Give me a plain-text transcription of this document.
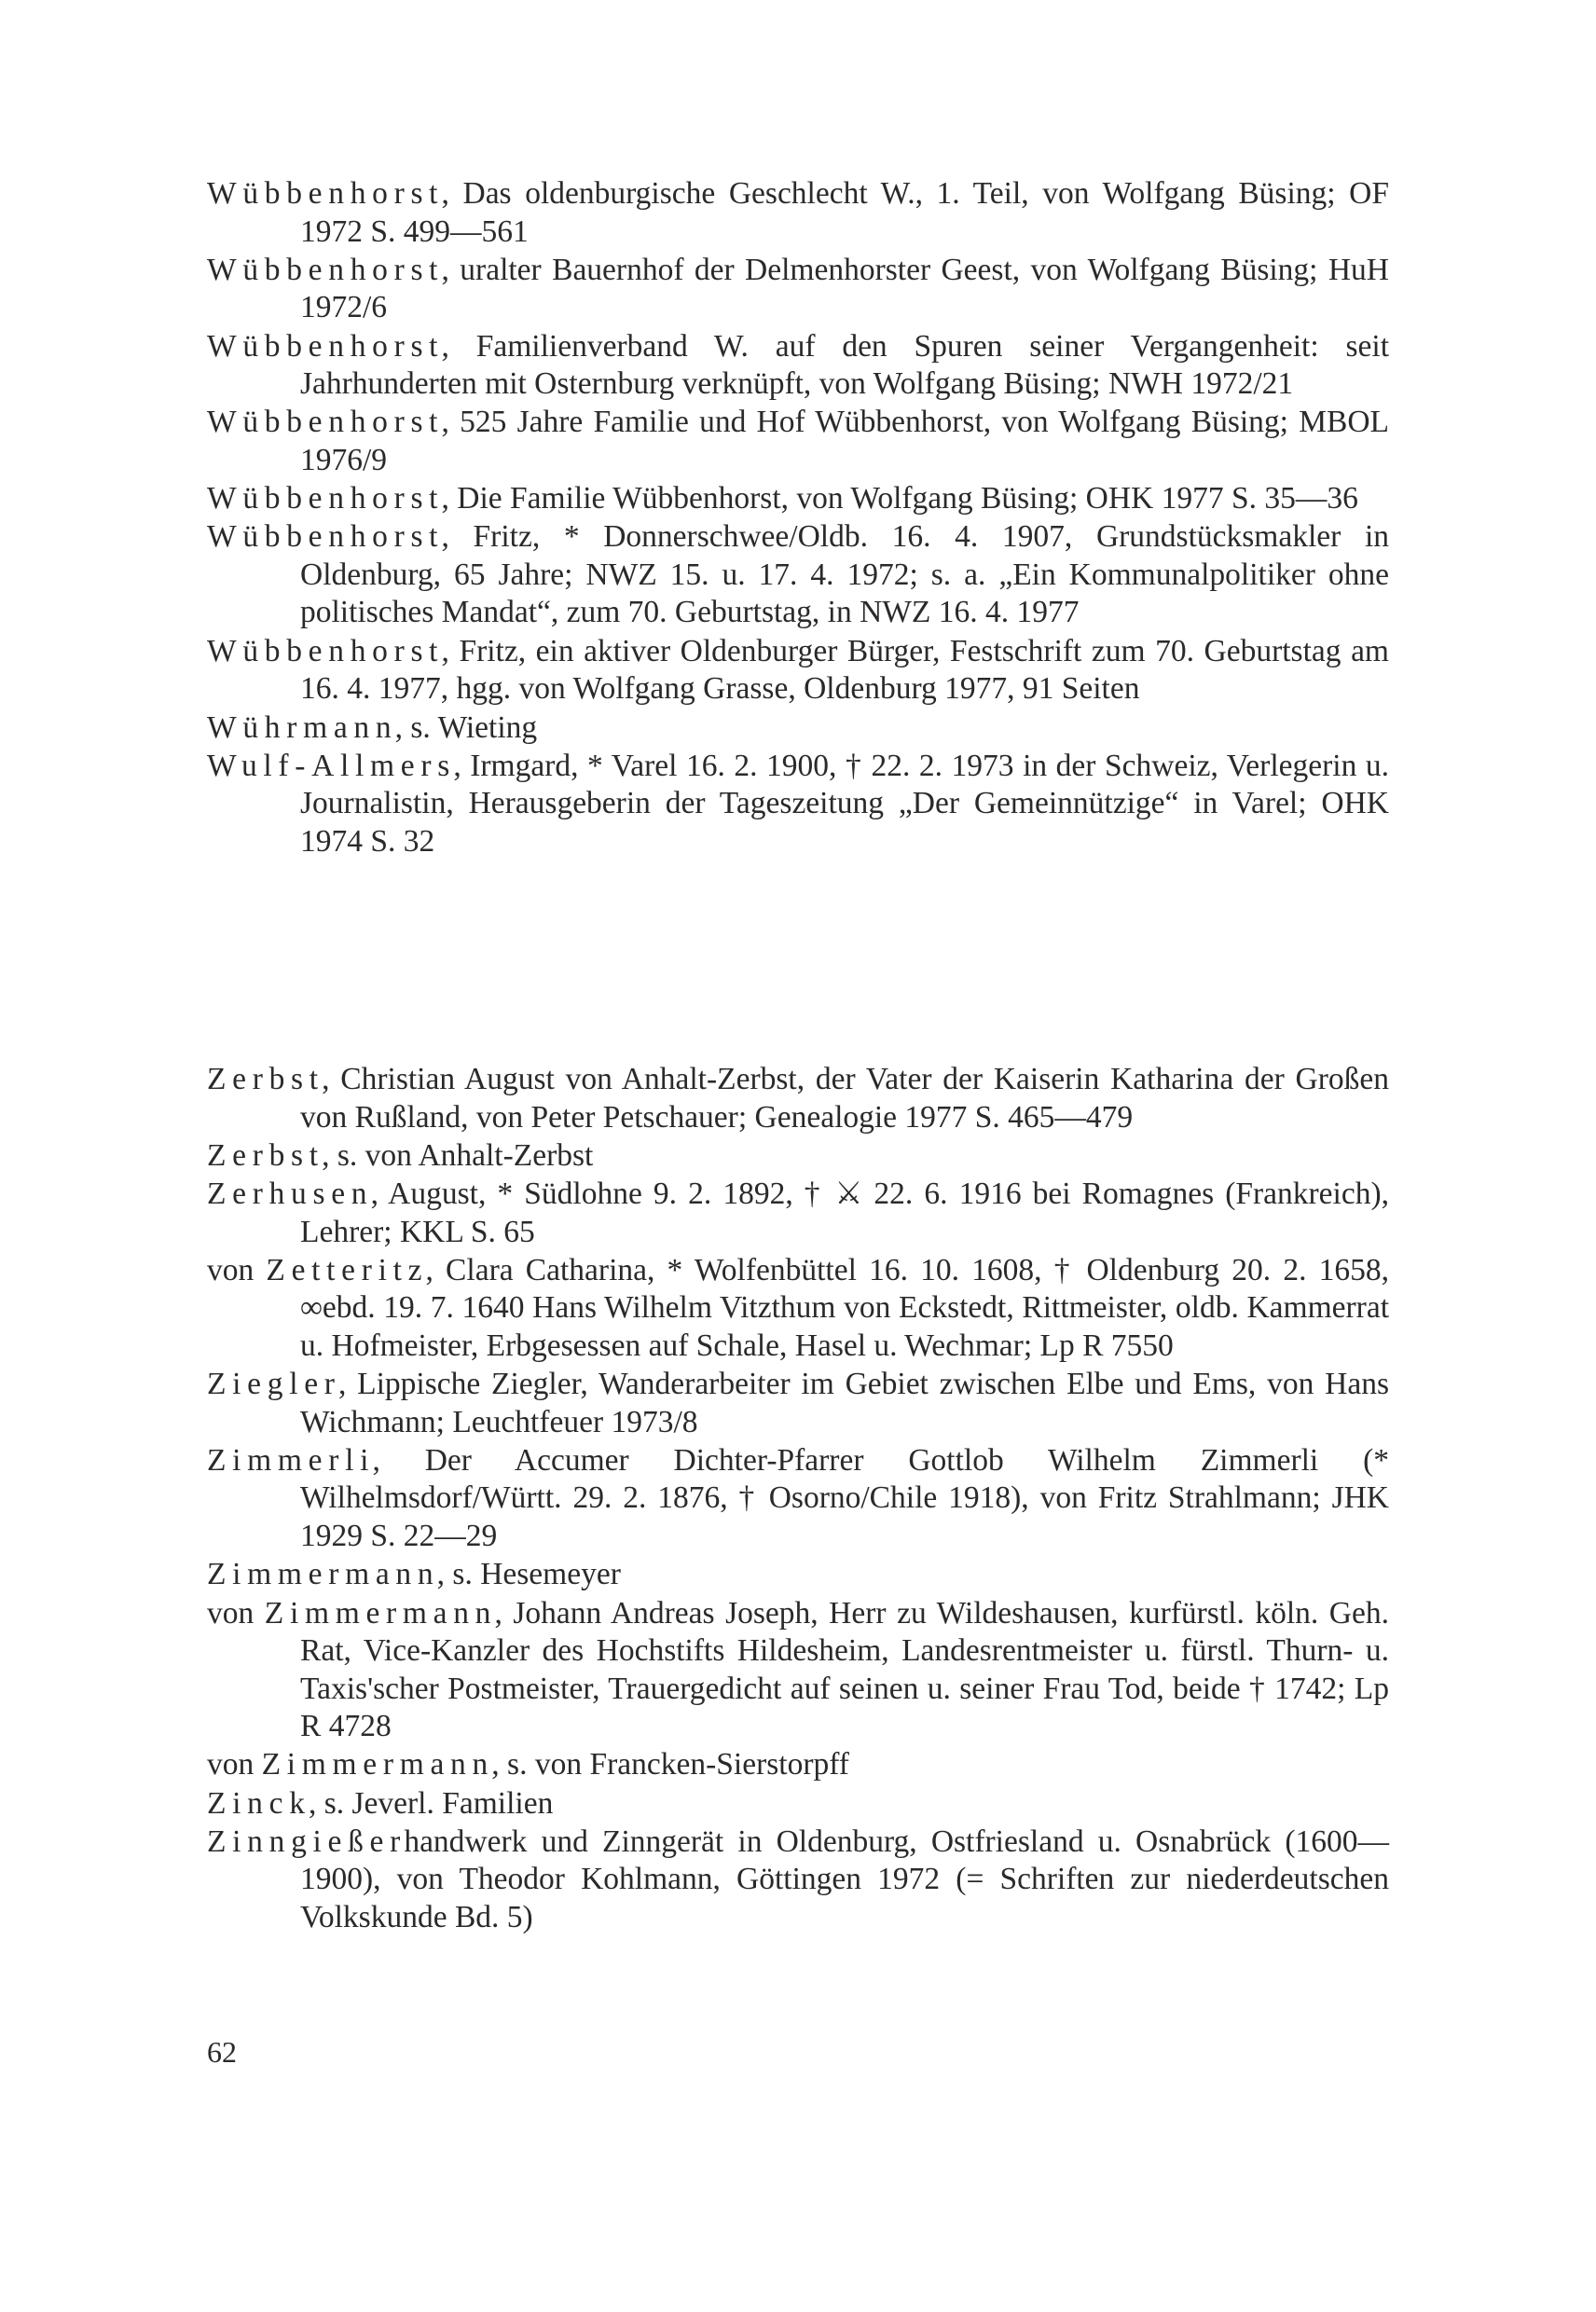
Wübbenhorst, Das oldenburgische Geschlecht W., 1. Teil, von Wolfgang Büsing; OF 1972 S. 499—561

Wübbenhorst, uralter Bauernhof der Delmenhorster Geest, von Wolfgang Büsing; HuH 1972/6

Wübbenhorst, Familienverband W. auf den Spuren seiner Vergangenheit: seit Jahrhunderten mit Osternburg verknüpft, von Wolfgang Büsing; NWH 1972/21

Wübbenhorst, 525 Jahre Familie und Hof Wübbenhorst, von Wolfgang Büsing; MBOL 1976/9

Wübbenhorst, Die Familie Wübbenhorst, von Wolfgang Büsing; OHK 1977 S. 35—36

Wübbenhorst, Fritz, * Donnerschwee/Oldb. 16. 4. 1907, Grundstücksmakler in Oldenburg, 65 Jahre; NWZ 15. u. 17. 4. 1972; s. a. „Ein Kommunalpolitiker ohne politisches Mandat“, zum 70. Geburtstag, in NWZ 16. 4. 1977

Wübbenhorst, Fritz, ein aktiver Oldenburger Bürger, Festschrift zum 70. Geburtstag am 16. 4. 1977, hgg. von Wolfgang Grasse, Oldenburg 1977, 91 Seiten

Wührmann, s. Wieting

Wulf-Allmers, Irmgard, * Varel 16. 2. 1900, † 22. 2. 1973 in der Schweiz, Verlegerin u. Journalistin, Herausgeberin der Tageszeitung „Der Gemeinnützige“ in Varel; OHK 1974 S. 32

Zerbst, Christian August von Anhalt-Zerbst, der Vater der Kaiserin Katharina der Großen von Rußland, von Peter Petschauer; Genealogie 1977 S. 465—479

Zerbst, s. von Anhalt-Zerbst

Zerhusen, August, * Südlohne 9. 2. 1892, † ⚔ 22. 6. 1916 bei Romagnes (Frankreich), Lehrer; KKL S. 65

von Zetteritz, Clara Catharina, * Wolfenbüttel 16. 10. 1608, † Oldenburg 20. 2. 1658, ∞ebd. 19. 7. 1640 Hans Wilhelm Vitzthum von Eckstedt, Rittmeister, oldb. Kammerrat u. Hofmeister, Erbgesessen auf Schale, Hasel u. Wechmar; Lp R 7550

Ziegler, Lippische Ziegler, Wanderarbeiter im Gebiet zwischen Elbe und Ems, von Hans Wichmann; Leuchtfeuer 1973/8

Zimmerli, Der Accumer Dichter-Pfarrer Gottlob Wilhelm Zimmerli (* Wilhelmsdorf/Württ. 29. 2. 1876, † Osorno/Chile 1918), von Fritz Strahlmann; JHK 1929 S. 22—29

Zimmermann, s. Hesemeyer

von Zimmermann, Johann Andreas Joseph, Herr zu Wildeshausen, kurfürstl. köln. Geh. Rat, Vice-Kanzler des Hochstifts Hildesheim, Landesrentmeister u. fürstl. Thurn- u. Taxis'scher Postmeister, Trauergedicht auf seinen u. seiner Frau Tod, beide † 1742; Lp R 4728

von Zimmermann, s. von Francken-Sierstorpff

Zinck, s. Jeverl. Familien

Zinngießerhandwerk und Zinngerät in Oldenburg, Ostfriesland u. Osnabrück (1600—1900), von Theodor Kohlmann, Göttingen 1972 (= Schriften zur niederdeutschen Volkskunde Bd. 5)

62
